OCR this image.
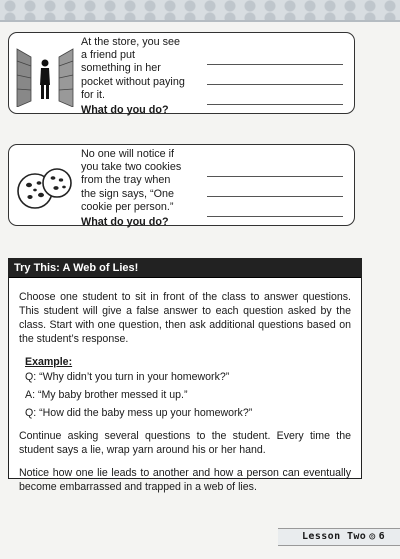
At the store, you see a friend put something in her pocket without paying for it.
What do you do?
No one will notice if you take two cookies from the tray when the sign says, “One cookie per person.”
What do you do?
Try This: A Web of Lies!

Choose one student to sit in front of the class to answer questions. This student will give a false answer to each question asked by the class. Start with one question, then ask additional questions based on the student’s response.

Example:
Q: “Why didn’t you turn in your homework?”
A: “My baby brother messed it up.”
Q: “How did the baby mess up your homework?”

Continue asking several questions to the student. Every time the student says a lie, wrap yarn around his or her hand.

Notice how one lie leads to another and how a person can eventually become embarrassed and trapped in a web of lies.

Lesson Two ◎ 6
